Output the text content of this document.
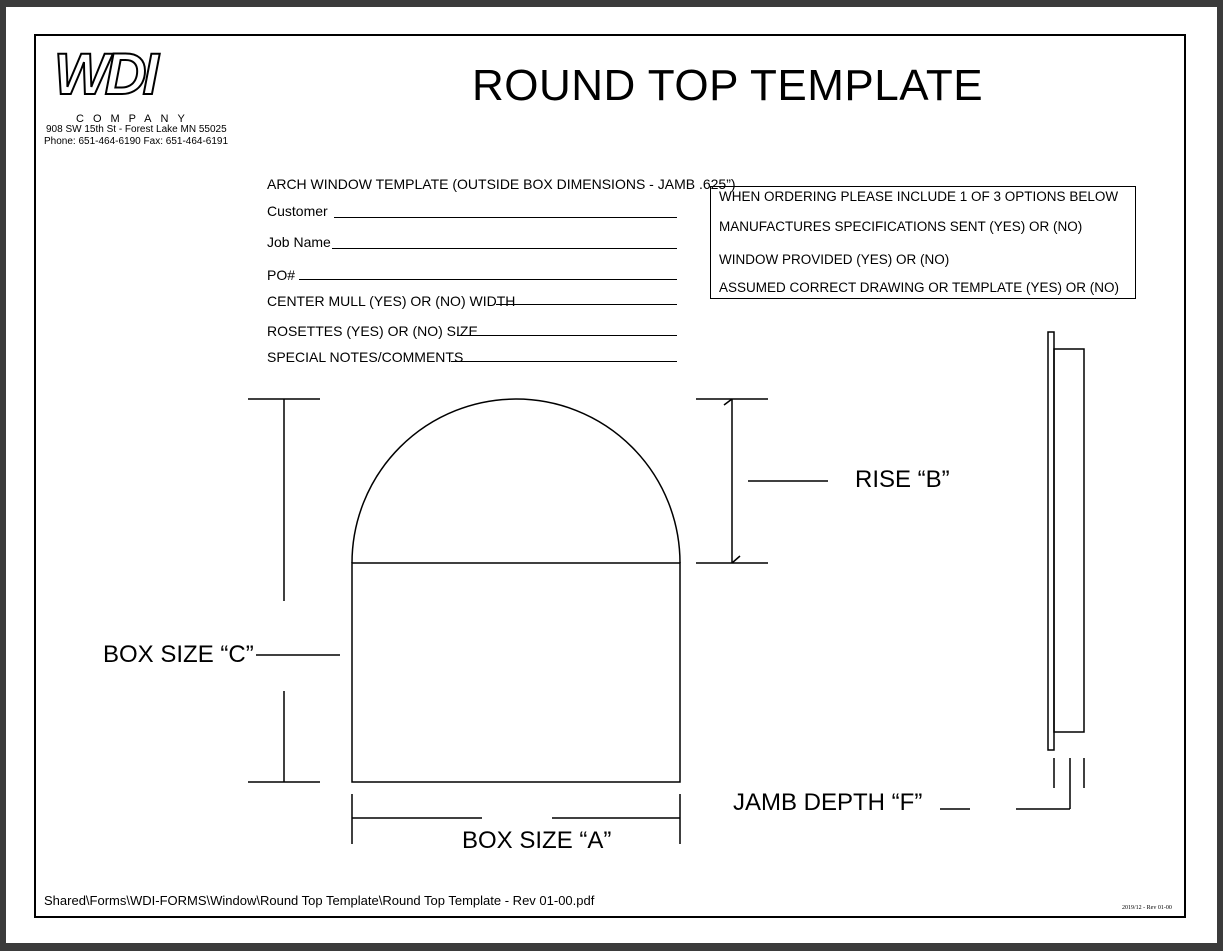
WDI
COMPANY
908 SW 15th St - Forest Lake MN 55025
Phone: 651-464-6190 Fax: 651-464-6191
ROUND TOP TEMPLATE
ARCH WINDOW TEMPLATE (OUTSIDE BOX DIMENSIONS - JAMB .625”)
Customer
Job Name
PO#
CENTER MULL (YES) OR (NO) WIDTH
ROSETTES (YES) OR (NO) SIZE
SPECIAL NOTES/COMMENTS
WHEN ORDERING PLEASE INCLUDE 1 OF 3 OPTIONS BELOW
MANUFACTURES SPECIFICATIONS SENT (YES) OR (NO)
WINDOW PROVIDED (YES) OR (NO)
ASSUMED CORRECT DRAWING OR TEMPLATE (YES) OR (NO)
RISE “B”
BOX SIZE “C”
BOX SIZE “A”
JAMB DEPTH “F”
Shared\Forms\WDI-FORMS\Window\Round Top Template\Round Top Template - Rev 01-00.pdf	2019/12 - Rev 01-00
